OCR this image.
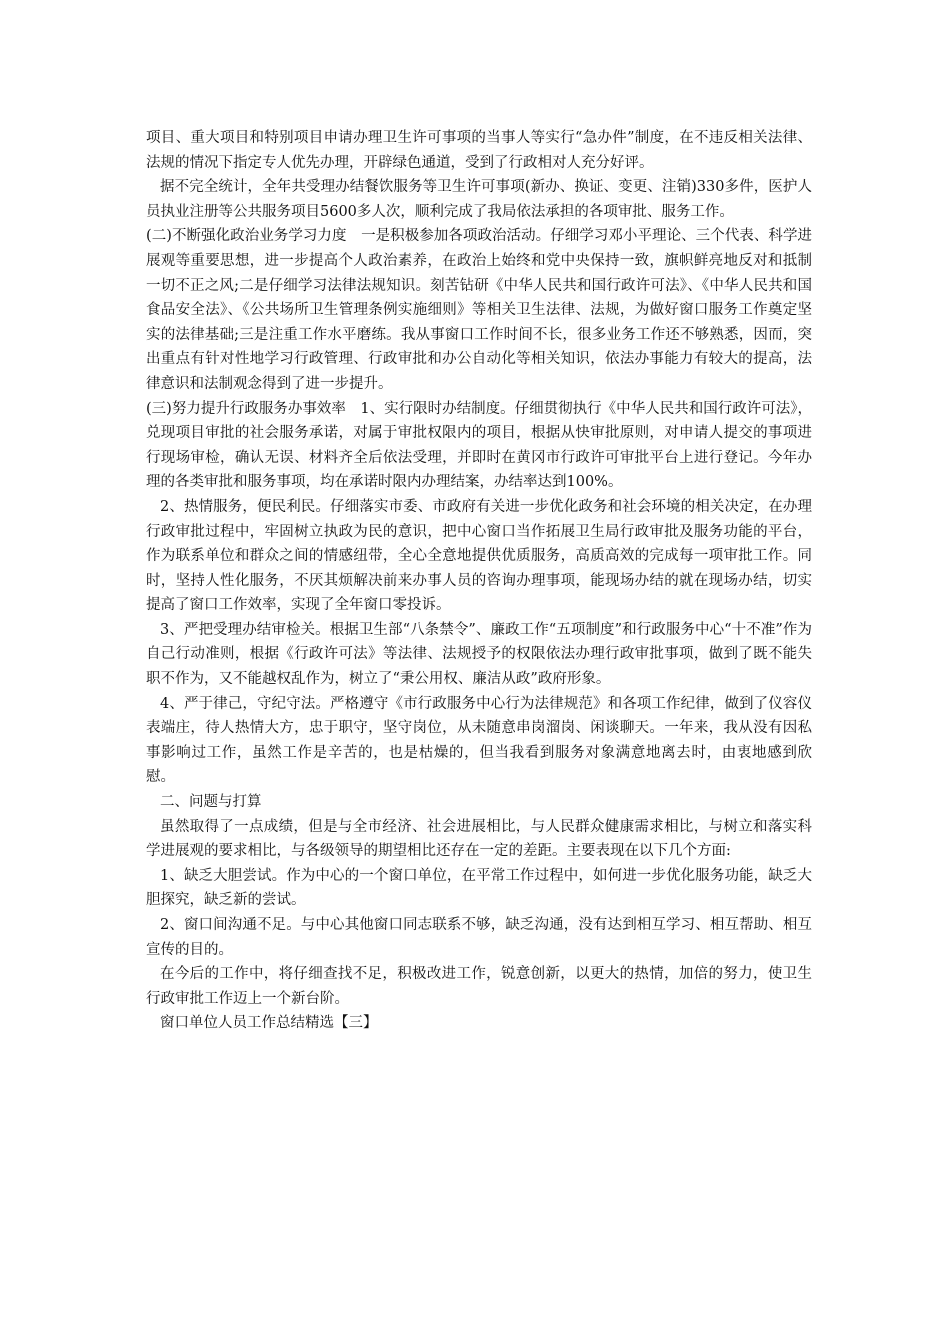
项目、重大项目和特别项目申请办理卫生许可事项的当事人等实行“急办件”制度，在不违反相关法律、法规的情况下指定专人优先办理，开辟绿色通道，受到了行政相对人充分好评。

据不完全统计，全年共受理办结餐饮服务等卫生许可事项(新办、换证、变更、注销)330多件，医护人员执业注册等公共服务项目5600多人次，顺利完成了我局依法承担的各项审批、服务工作。

(二)不断强化政治业务学习力度　一是积极参加各项政治活动。仔细学习邓小平理论、三个代表、科学进展观等重要思想，进一步提高个人政治素养，在政治上始终和党中央保持一致，旗帜鲜亮地反对和抵制一切不正之风;二是仔细学习法律法规知识。刻苦钻研《中华人民共和国行政许可法》、《中华人民共和国食品安全法》、《公共场所卫生管理条例实施细则》等相关卫生法律、法规，为做好窗口服务工作奠定坚实的法律基础;三是注重工作水平磨练。我从事窗口工作时间不长，很多业务工作还不够熟悉，因而，突出重点有针对性地学习行政管理、行政审批和办公自动化等相关知识，依法办事能力有较大的提高，法律意识和法制观念得到了进一步提升。

(三)努力提升行政服务办事效率　1、实行限时办结制度。仔细贯彻执行《中华人民共和国行政许可法》，兑现项目审批的社会服务承诺，对属于审批权限内的项目，根据从快审批原则，对申请人提交的事项进行现场审检，确认无误、材料齐全后依法受理，并即时在黄冈市行政许可审批平台上进行登记。今年办理的各类审批和服务事项，均在承诺时限内办理结案，办结率达到100%。

2、热情服务，便民利民。仔细落实市委、市政府有关进一步优化政务和社会环境的相关决定，在办理行政审批过程中，牢固树立执政为民的意识，把中心窗口当作拓展卫生局行政审批及服务功能的平台，作为联系单位和群众之间的情感纽带，全心全意地提供优质服务，高质高效的完成每一项审批工作。同时，坚持人性化服务，不厌其烦解决前来办事人员的咨询办理事项，能现场办结的就在现场办结，切实提高了窗口工作效率，实现了全年窗口零投诉。

3、严把受理办结审检关。根据卫生部“八条禁令”、廉政工作“五项制度”和行政服务中心“十不准”作为自己行动准则，根据《行政许可法》等法律、法规授予的权限依法办理行政审批事项，做到了既不能失职不作为，又不能越权乱作为，树立了“秉公用权、廉洁从政”政府形象。

4、严于律己，守纪守法。严格遵守《市行政服务中心行为法律规范》和各项工作纪律，做到了仪容仪表端庄，待人热情大方，忠于职守，坚守岗位，从未随意串岗溜岗、闲谈聊天。一年来，我从没有因私事影响过工作，虽然工作是辛苦的，也是枯燥的，但当我看到服务对象满意地离去时，由衷地感到欣慰。

二、问题与打算

虽然取得了一点成绩，但是与全市经济、社会进展相比，与人民群众健康需求相比，与树立和落实科学进展观的要求相比，与各级领导的期望相比还存在一定的差距。主要表现在以下几个方面:

1、缺乏大胆尝试。作为中心的一个窗口单位，在平常工作过程中，如何进一步优化服务功能，缺乏大胆探究，缺乏新的尝试。

2、窗口间沟通不足。与中心其他窗口同志联系不够，缺乏沟通，没有达到相互学习、相互帮助、相互宣传的目的。

在今后的工作中，将仔细查找不足，积极改进工作，锐意创新，以更大的热情，加倍的努力，使卫生行政审批工作迈上一个新台阶。

窗口单位人员工作总结精选【三】
